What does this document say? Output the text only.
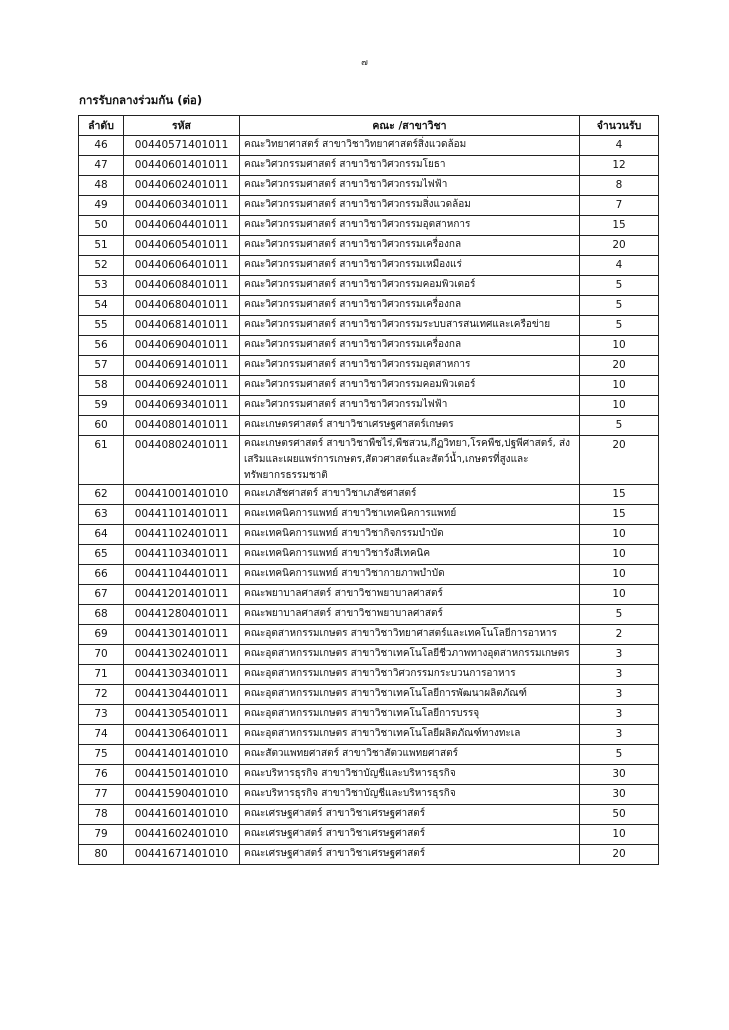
๗
การรับกลางร่วมกัน (ต่อ)
ลำดับ	รหัส	คณะ /สาขาวิชา	จำนวนรับ
46	00440571401011	คณะวิทยาศาสตร์ สาขาวิชาวิทยาศาสตร์สิ่งแวดล้อม	4
47	00440601401011	คณะวิศวกรรมศาสตร์ สาขาวิชาวิศวกรรมโยธา	12
48	00440602401011	คณะวิศวกรรมศาสตร์ สาขาวิชาวิศวกรรมไฟฟ้า	8
49	00440603401011	คณะวิศวกรรมศาสตร์ สาขาวิชาวิศวกรรมสิ่งแวดล้อม	7
50	00440604401011	คณะวิศวกรรมศาสตร์ สาขาวิชาวิศวกรรมอุตสาหการ	15
51	00440605401011	คณะวิศวกรรมศาสตร์ สาขาวิชาวิศวกรรมเครื่องกล	20
52	00440606401011	คณะวิศวกรรมศาสตร์ สาขาวิชาวิศวกรรมเหมืองแร่	4
53	00440608401011	คณะวิศวกรรมศาสตร์ สาขาวิชาวิศวกรรมคอมพิวเตอร์	5
54	00440680401011	คณะวิศวกรรมศาสตร์ สาขาวิชาวิศวกรรมเครื่องกล	5
55	00440681401011	คณะวิศวกรรมศาสตร์ สาขาวิชาวิศวกรรมระบบสารสนเทศและเครือข่าย	5
56	00440690401011	คณะวิศวกรรมศาสตร์ สาขาวิชาวิศวกรรมเครื่องกล	10
57	00440691401011	คณะวิศวกรรมศาสตร์ สาขาวิชาวิศวกรรมอุตสาหการ	20
58	00440692401011	คณะวิศวกรรมศาสตร์ สาขาวิชาวิศวกรรมคอมพิวเตอร์	10
59	00440693401011	คณะวิศวกรรมศาสตร์ สาขาวิชาวิศวกรรมไฟฟ้า	10
60	00440801401011	คณะเกษตรศาสตร์ สาขาวิชาเศรษฐศาสตร์เกษตร	5
61	00440802401011	คณะเกษตรศาสตร์ สาขาวิชาพืชไร่,พืชสวน,กีฏวิทยา,โรคพืช,ปฐพีศาสตร์, ส่งเสริมและเผยแพร่การเกษตร,สัตวศาสตร์และสัตว์น้ำ,เกษตรที่สูงและทรัพยากรธรรมชาติ	20
62	00441001401010	คณะเภสัชศาสตร์ สาขาวิชาเภสัชศาสตร์	15
63	00441101401011	คณะเทคนิคการแพทย์ สาขาวิชาเทคนิคการแพทย์	15
64	00441102401011	คณะเทคนิคการแพทย์ สาขาวิชากิจกรรมบำบัด	10
65	00441103401011	คณะเทคนิคการแพทย์ สาขาวิชารังสีเทคนิค	10
66	00441104401011	คณะเทคนิคการแพทย์ สาขาวิชากายภาพบำบัด	10
67	00441201401011	คณะพยาบาลศาสตร์ สาขาวิชาพยาบาลศาสตร์	10
68	00441280401011	คณะพยาบาลศาสตร์ สาขาวิชาพยาบาลศาสตร์	5
69	00441301401011	คณะอุตสาหกรรมเกษตร สาขาวิชาวิทยาศาสตร์และเทคโนโลยีการอาหาร	2
70	00441302401011	คณะอุตสาหกรรมเกษตร สาขาวิชาเทคโนโลยีชีวภาพทางอุตสาหกรรมเกษตร	3
71	00441303401011	คณะอุตสาหกรรมเกษตร สาขาวิชาวิศวกรรมกระบวนการอาหาร	3
72	00441304401011	คณะอุตสาหกรรมเกษตร สาขาวิชาเทคโนโลยีการพัฒนาผลิตภัณฑ์	3
73	00441305401011	คณะอุตสาหกรรมเกษตร สาขาวิชาเทคโนโลยีการบรรจุ	3
74	00441306401011	คณะอุตสาหกรรมเกษตร สาขาวิชาเทคโนโลยีผลิตภัณฑ์ทางทะเล	3
75	00441401401010	คณะสัตวแพทยศาสตร์ สาขาวิชาสัตวแพทยศาสตร์	5
76	00441501401010	คณะบริหารธุรกิจ สาขาวิชาบัญชีและบริหารธุรกิจ	30
77	00441590401010	คณะบริหารธุรกิจ สาขาวิชาบัญชีและบริหารธุรกิจ	30
78	00441601401010	คณะเศรษฐศาสตร์ สาขาวิชาเศรษฐศาสตร์	50
79	00441602401010	คณะเศรษฐศาสตร์ สาขาวิชาเศรษฐศาสตร์	10
80	00441671401010	คณะเศรษฐศาสตร์ สาขาวิชาเศรษฐศาสตร์	20
